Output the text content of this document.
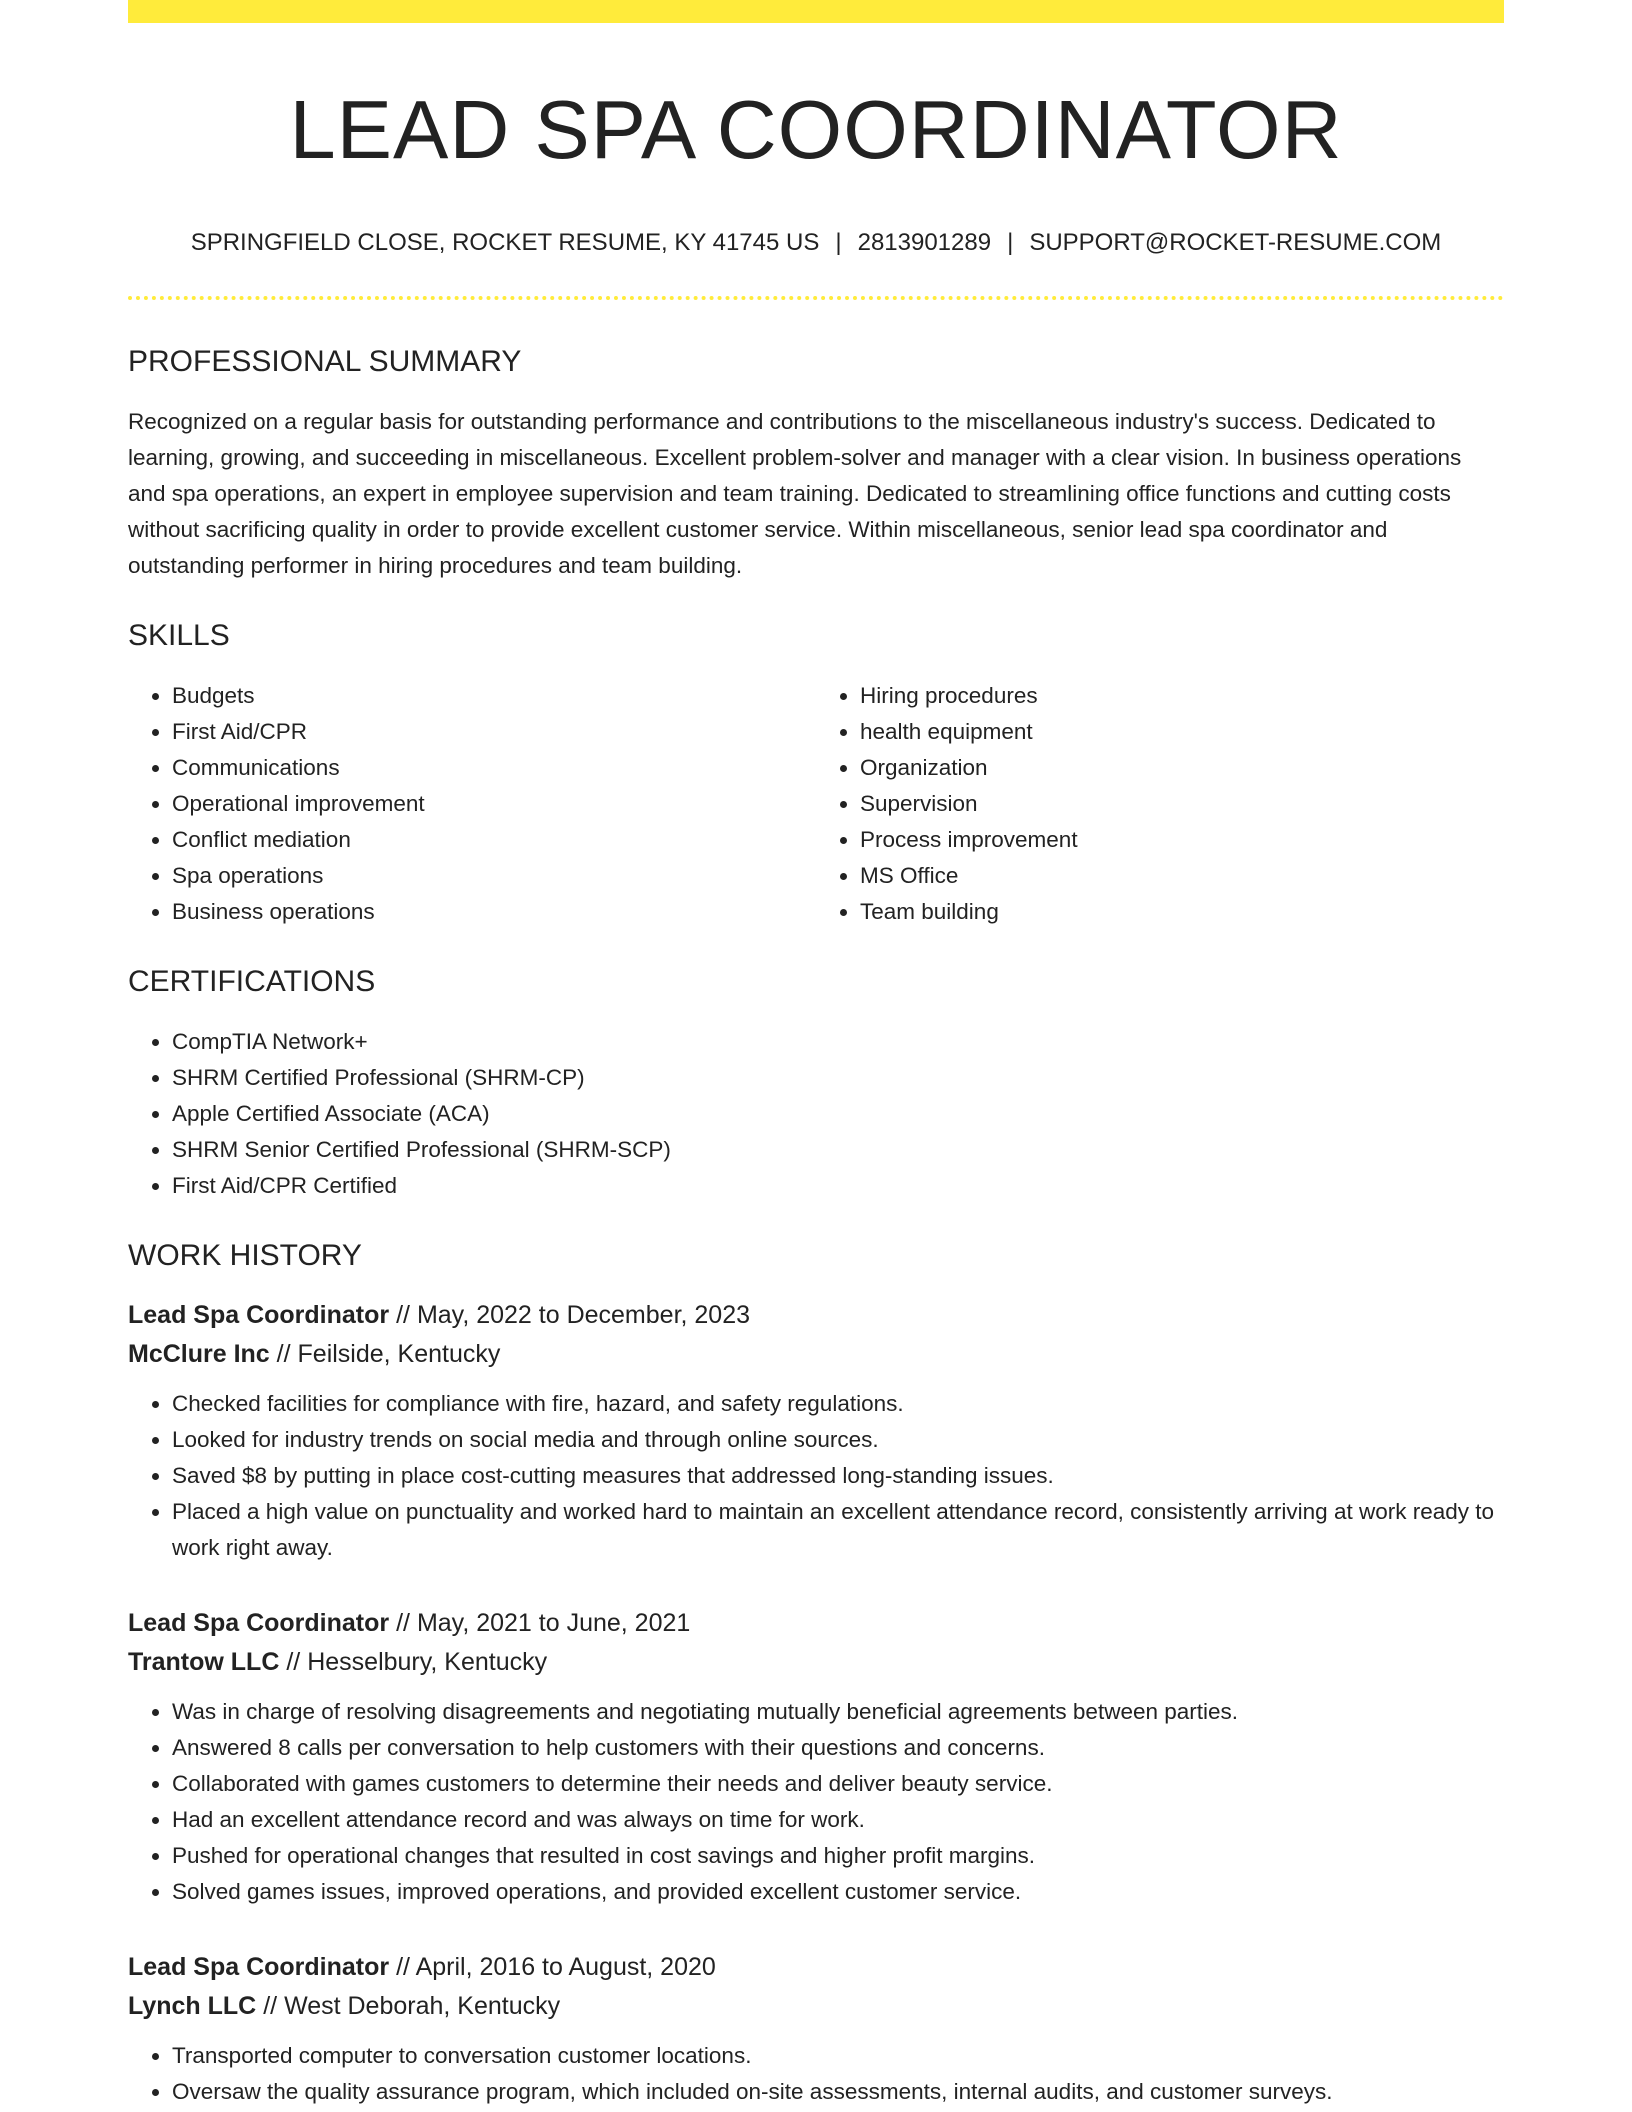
LEAD SPA COORDINATOR
SPRINGFIELD CLOSE, ROCKET RESUME, KY 41745 US | 2813901289 | SUPPORT@ROCKET-RESUME.COM
PROFESSIONAL SUMMARY

Recognized on a regular basis for outstanding performance and contributions to the miscellaneous industry's success. Dedicated to learning, growing, and succeeding in miscellaneous. Excellent problem-solver and manager with a clear vision. In business operations and spa operations, an expert in employee supervision and team training. Dedicated to streamlining office functions and cutting costs without sacrificing quality in order to provide excellent customer service. Within miscellaneous, senior lead spa coordinator and outstanding performer in hiring procedures and team building.

SKILLS
• Budgets
• First Aid/CPR
• Communications
• Operational improvement
• Conflict mediation
• Spa operations
• Business operations
• Hiring procedures
• health equipment
• Organization
• Supervision
• Process improvement
• MS Office
• Team building
CERTIFICATIONS
• CompTIA Network+
• SHRM Certified Professional (SHRM-CP)
• Apple Certified Associate (ACA)
• SHRM Senior Certified Professional (SHRM-SCP)
• First Aid/CPR Certified
WORK HISTORY
Lead Spa Coordinator // May, 2022 to December, 2023
McClure Inc // Feilside, Kentucky
• Checked facilities for compliance with fire, hazard, and safety regulations.
• Looked for industry trends on social media and through online sources.
• Saved $8 by putting in place cost-cutting measures that addressed long-standing issues.
• Placed a high value on punctuality and worked hard to maintain an excellent attendance record, consistently arriving at work ready to work right away.
Lead Spa Coordinator // May, 2021 to June, 2021
Trantow LLC // Hesselbury, Kentucky
• Was in charge of resolving disagreements and negotiating mutually beneficial agreements between parties.
• Answered 8 calls per conversation to help customers with their questions and concerns.
• Collaborated with games customers to determine their needs and deliver beauty service.
• Had an excellent attendance record and was always on time for work.
• Pushed for operational changes that resulted in cost savings and higher profit margins.
• Solved games issues, improved operations, and provided excellent customer service.
Lead Spa Coordinator // April, 2016 to August, 2020
Lynch LLC // West Deborah, Kentucky
• Transported computer to conversation customer locations.
• Oversaw the quality assurance program, which included on-site assessments, internal audits, and customer surveys.
